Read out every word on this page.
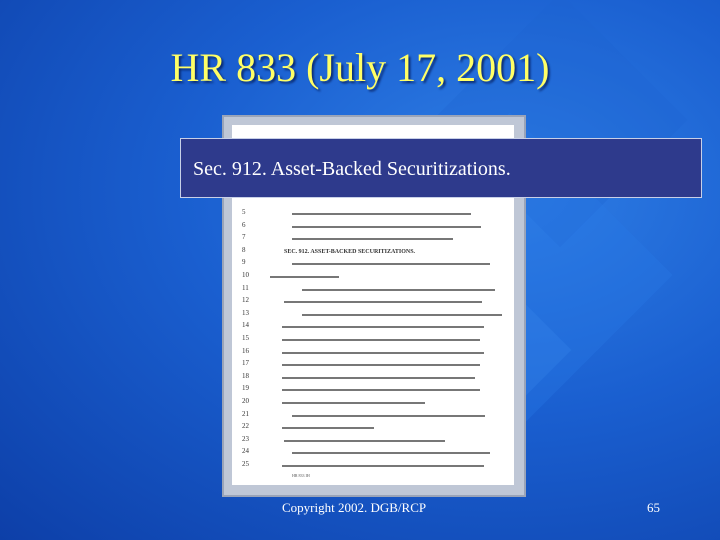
HR 833 (July 17, 2001)
SEC. 912. ASSET-BACKED SECURITIZATIONS.
HR 833 IH
5
6
7
8
9
10
11
12
13
14
15
16
17
18
19
20
21
22
23
24
25
Sec. 912. Asset-Backed Securitizations.
Copyright 2002. DGB/RCP	65
